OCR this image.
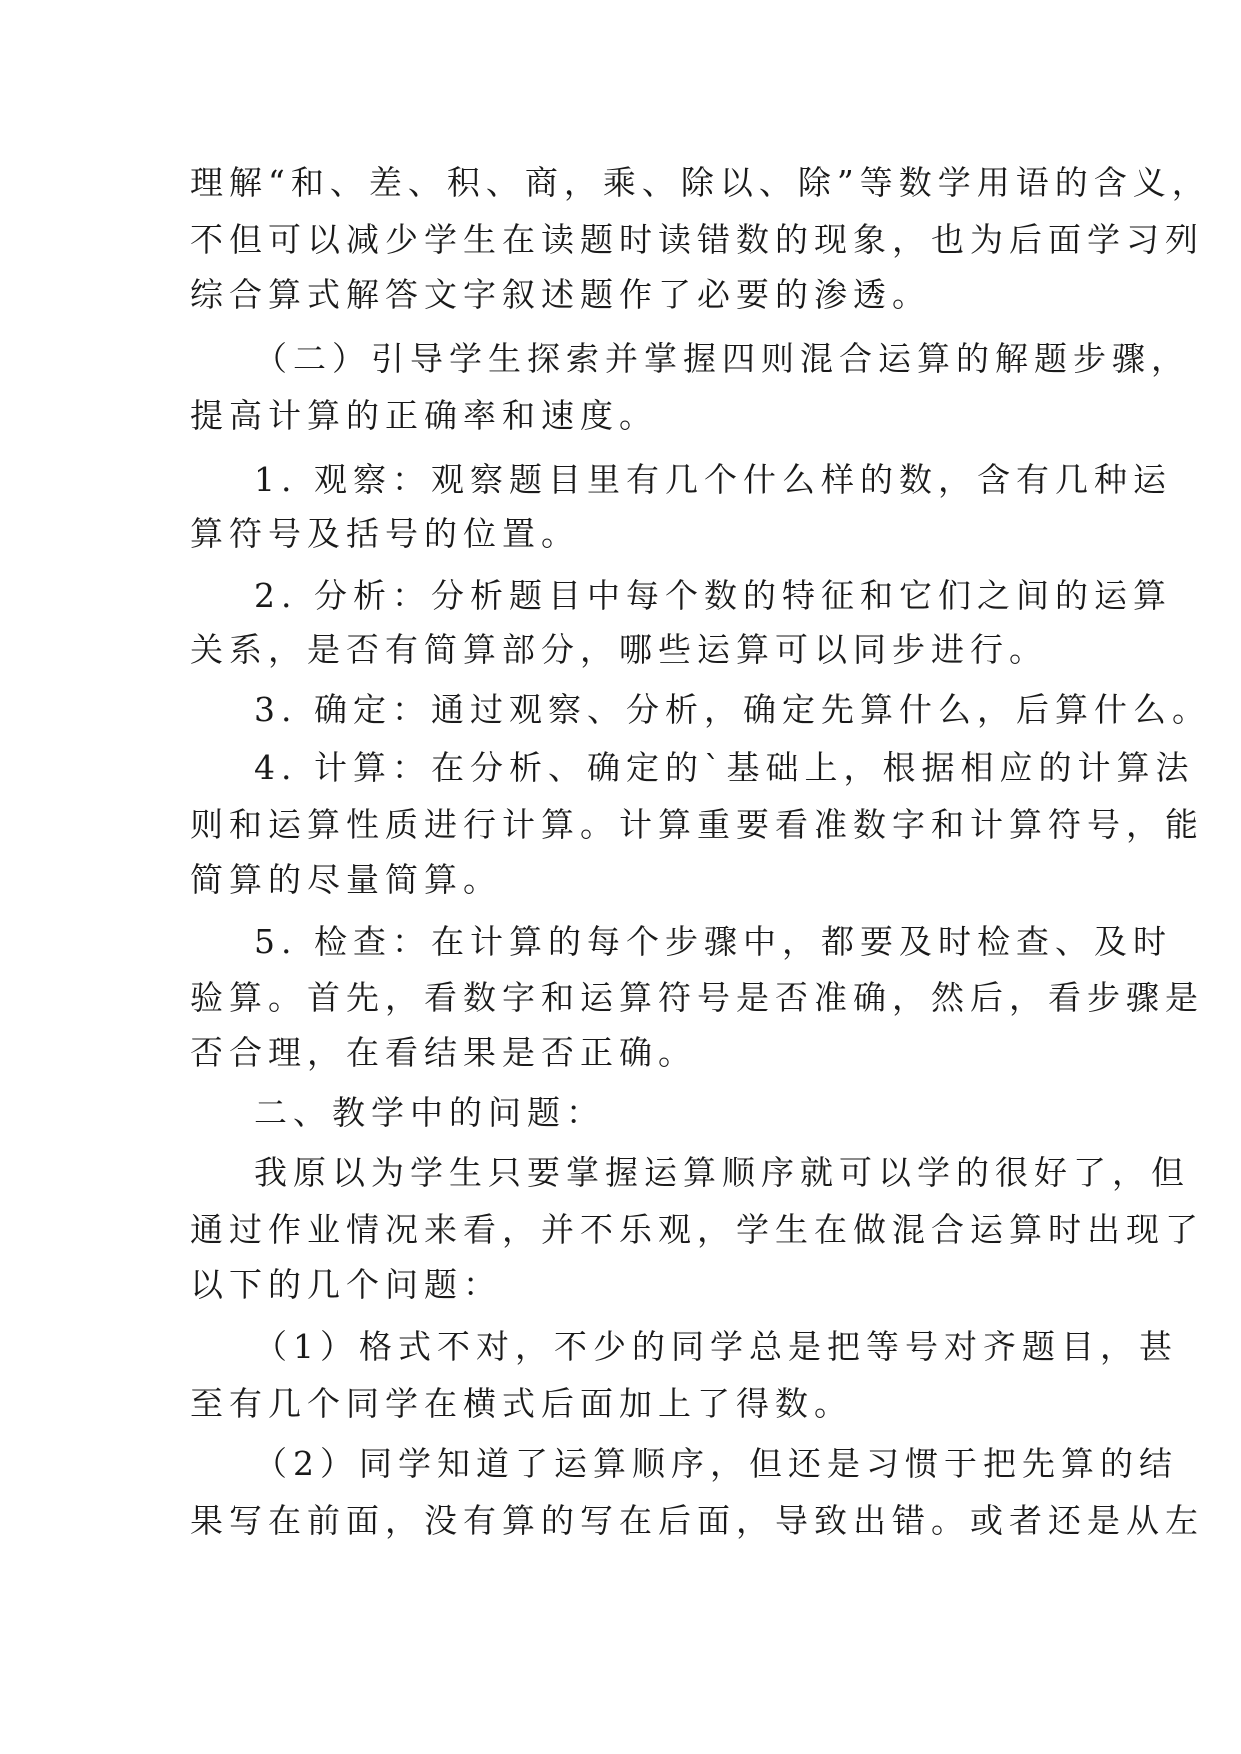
理解“和、差、积、商，乘、除以、除”等数学用语的含义，
不但可以减少学生在读题时读错数的现象，也为后面学习列
综合算式解答文字叙述题作了必要的渗透。
（二）引导学生探索并掌握四则混合运算的解题步骤，
提高计算的正确率和速度。
1. 观察：观察题目里有几个什么样的数，含有几种运
算符号及括号的位置。
2. 分析：分析题目中每个数的特征和它们之间的运算
关系，是否有简算部分，哪些运算可以同步进行。
3. 确定：通过观察、分析，确定先算什么，后算什么。
4. 计算：在分析、确定的`基础上，根据相应的计算法
则和运算性质进行计算。计算重要看准数字和计算符号，能
简算的尽量简算。
5. 检查：在计算的每个步骤中，都要及时检查、及时
验算。首先，看数字和运算符号是否准确，然后，看步骤是
否合理，在看结果是否正确。
二、教学中的问题：
我原以为学生只要掌握运算顺序就可以学的很好了，但
通过作业情况来看，并不乐观，学生在做混合运算时出现了
以下的几个问题：
（1）格式不对，不少的同学总是把等号对齐题目，甚
至有几个同学在横式后面加上了得数。
（2）同学知道了运算顺序，但还是习惯于把先算的结
果写在前面，没有算的写在后面，导致出错。或者还是从左
